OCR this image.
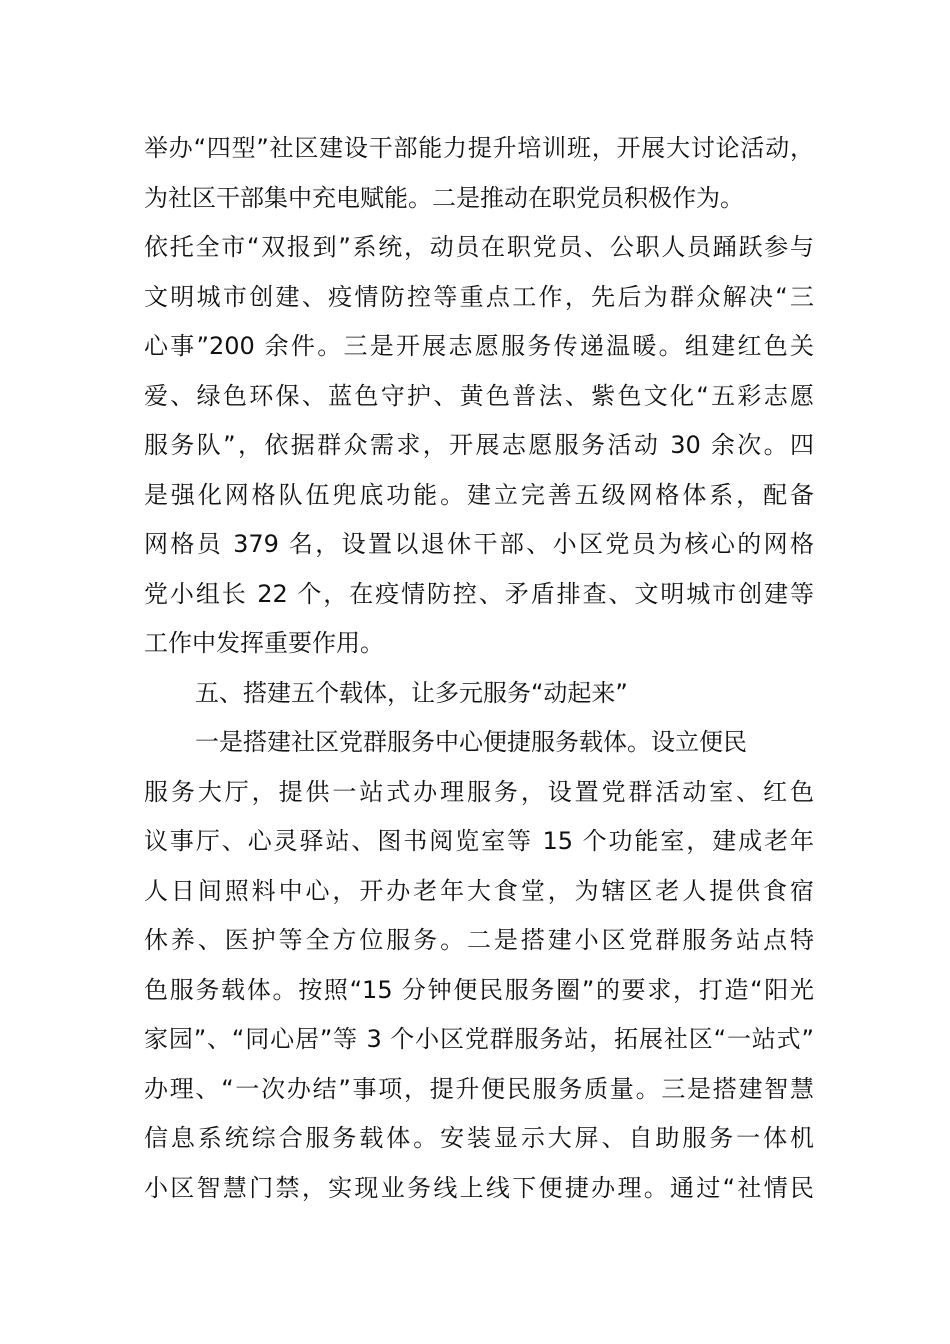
举办“四型”社区建设干部能力提升培训班，开展大讨论活动，
为社区干部集中充电赋能。二是推动在职党员积极作为。
依托全市“双报到”系统，动员在职党员、公职人员踊跃参与
文明城市创建、疫情防控等重点工作，先后为群众解决“三
心事”200 余件。三是开展志愿服务传递温暖。组建红色关
爱、绿色环保、蓝色守护、黄色普法、紫色文化“五彩志愿
服务队”，依据群众需求，开展志愿服务活动 30 余次。四
是强化网格队伍兜底功能。建立完善五级网格体系，配备
网格员 379 名，设置以退休干部、小区党员为核心的网格
党小组长 22 个，在疫情防控、矛盾排查、文明城市创建等
工作中发挥重要作用。
五、搭建五个载体，让多元服务“动起来”
一是搭建社区党群服务中心便捷服务载体。设立便民
服务大厅，提供一站式办理服务，设置党群活动室、红色
议事厅、心灵驿站、图书阅览室等 15 个功能室，建成老年
人日间照料中心，开办老年大食堂，为辖区老人提供食宿
休养、医护等全方位服务。二是搭建小区党群服务站点特
色服务载体。按照“15 分钟便民服务圈”的要求，打造“阳光
家园”、“同心居”等 3 个小区党群服务站，拓展社区“一站式”
办理、“一次办结”事项，提升便民服务质量。三是搭建智慧
信息系统综合服务载体。安装显示大屏、自助服务一体机
小区智慧门禁，实现业务线上线下便捷办理。通过“社情民
